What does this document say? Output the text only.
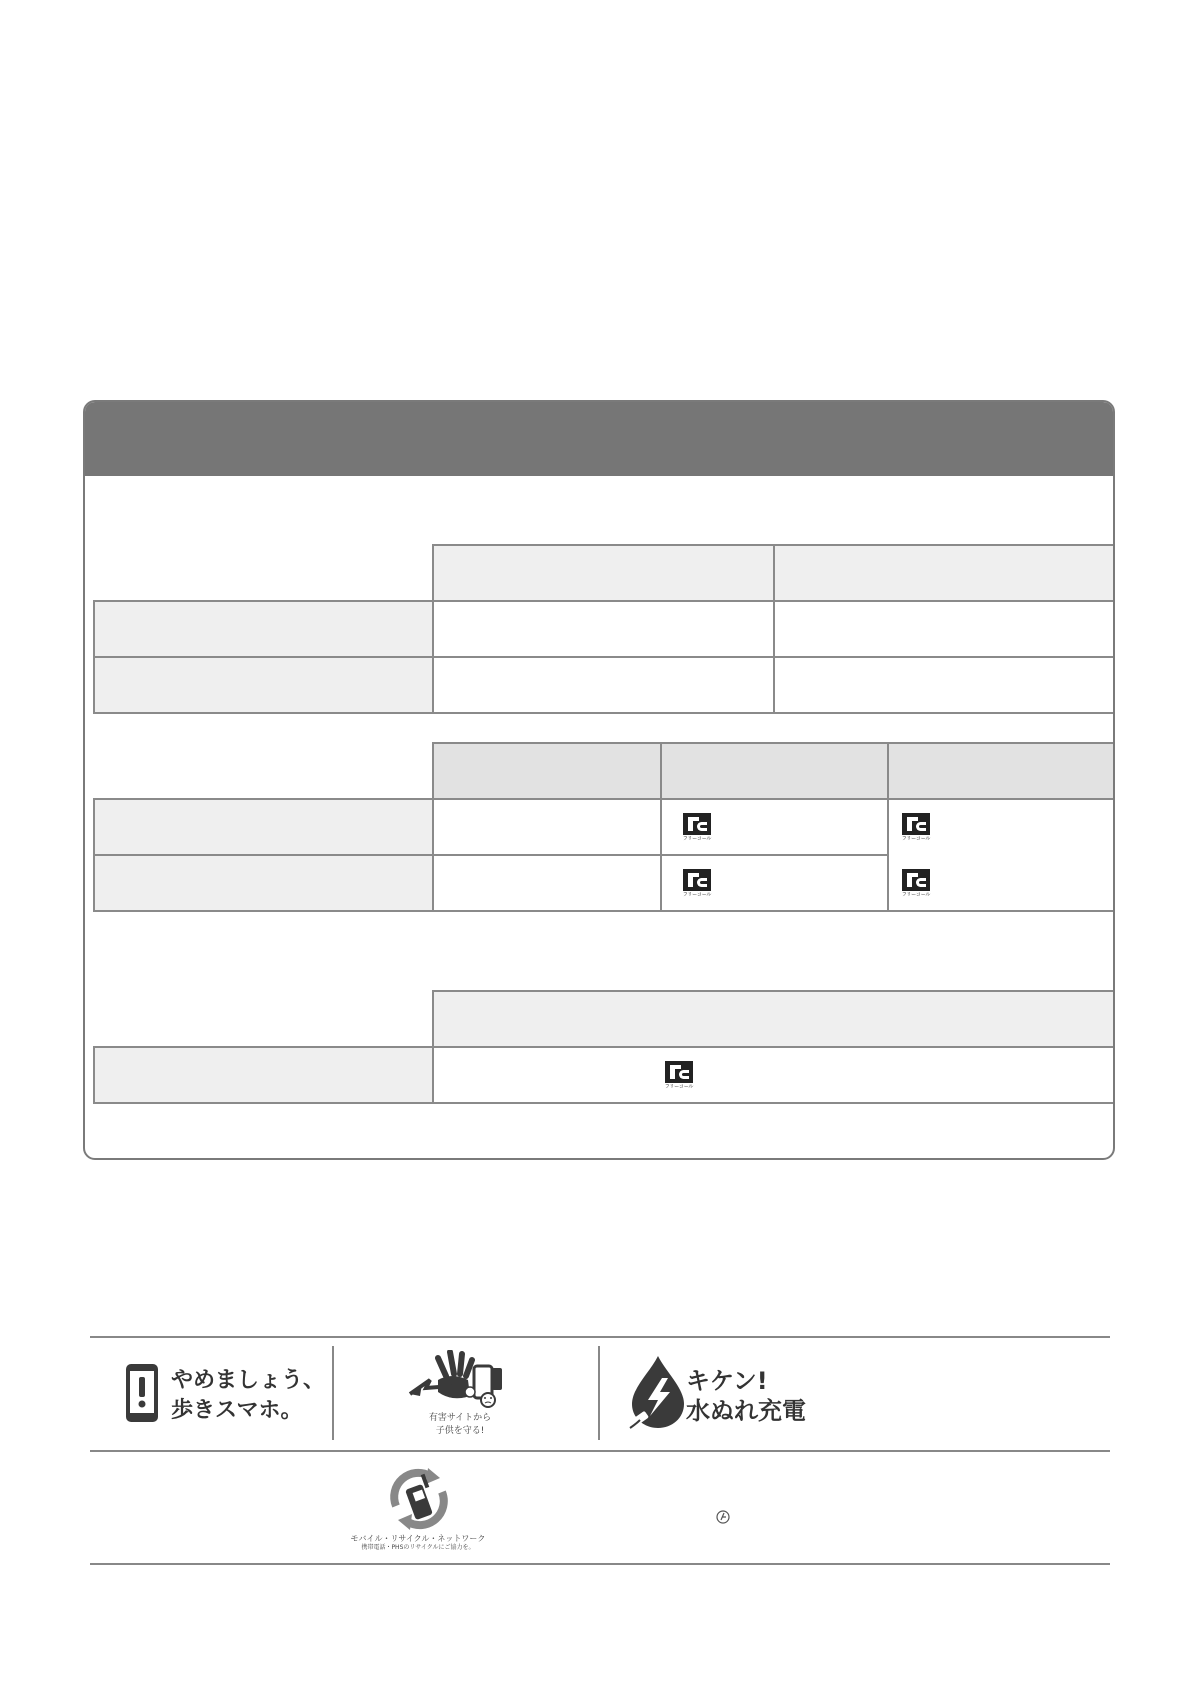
フリーコール	フリーコール
フリーコール
フリーコール
フリーコール
やめましょう、
歩きスマホ。	有害サイトから
子供を守る!
キケン!
水ぬれ充電
モバイル・リサイクル・ネットワーク
携帯電話・PHSのリサイクルにご協力を。
